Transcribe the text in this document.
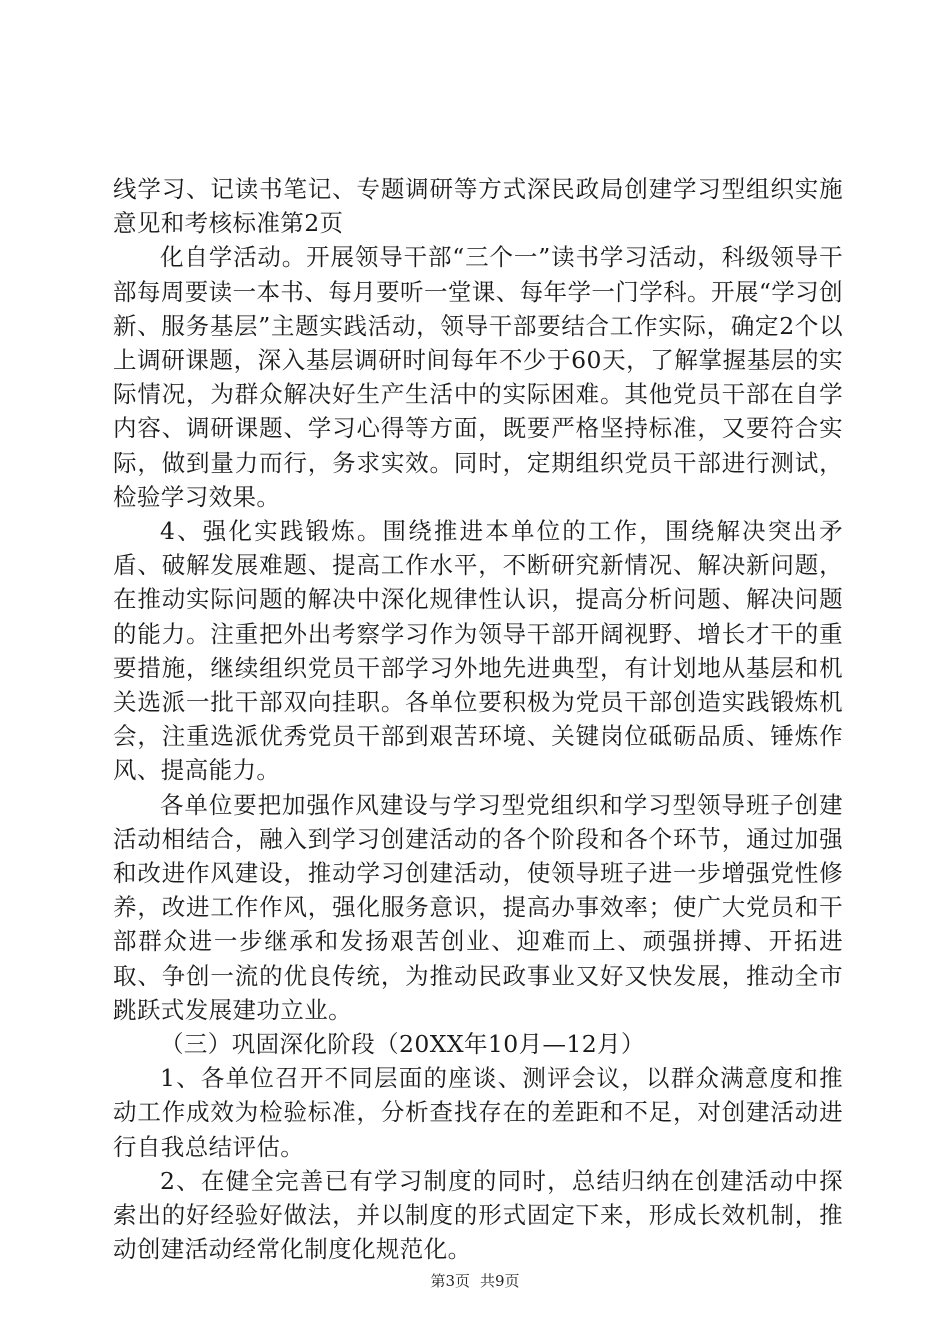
线学习、记读书笔记、专题调研等方式深民政局创建学习型组织实施意见和考核标准第2页

化自学活动。开展领导干部“三个一”读书学习活动，科级领导干部每周要读一本书、每月要听一堂课、每年学一门学科。开展“学习创新、服务基层”主题实践活动，领导干部要结合工作实际，确定2个以上调研课题，深入基层调研时间每年不少于60天，了解掌握基层的实际情况，为群众解决好生产生活中的实际困难。其他党员干部在自学内容、调研课题、学习心得等方面，既要严格坚持标准，又要符合实际，做到量力而行，务求实效。同时，定期组织党员干部进行测试，检验学习效果。

4、强化实践锻炼。围绕推进本单位的工作，围绕解决突出矛盾、破解发展难题、提高工作水平，不断研究新情况、解决新问题，在推动实际问题的解决中深化规律性认识，提高分析问题、解决问题的能力。注重把外出考察学习作为领导干部开阔视野、增长才干的重要措施，继续组织党员干部学习外地先进典型，有计划地从基层和机关选派一批干部双向挂职。各单位要积极为党员干部创造实践锻炼机会，注重选派优秀党员干部到艰苦环境、关键岗位砥砺品质、锤炼作风、提高能力。

各单位要把加强作风建设与学习型党组织和学习型领导班子创建活动相结合，融入到学习创建活动的各个阶段和各个环节，通过加强和改进作风建设，推动学习创建活动，使领导班子进一步增强党性修养，改进工作作风，强化服务意识，提高办事效率；使广大党员和干部群众进一步继承和发扬艰苦创业、迎难而上、顽强拼搏、开拓进取、争创一流的优良传统，为推动民政事业又好又快发展，推动全市跳跃式发展建功立业。

（三）巩固深化阶段（20XX年10月—12月）

1、各单位召开不同层面的座谈、测评会议，以群众满意度和推动工作成效为检验标准，分析查找存在的差距和不足，对创建活动进行自我总结评估。

2、在健全完善已有学习制度的同时，总结归纳在创建活动中探索出的好经验好做法，并以制度的形式固定下来，形成长效机制，推动创建活动经常化制度化规范化。

第3页 共9页
